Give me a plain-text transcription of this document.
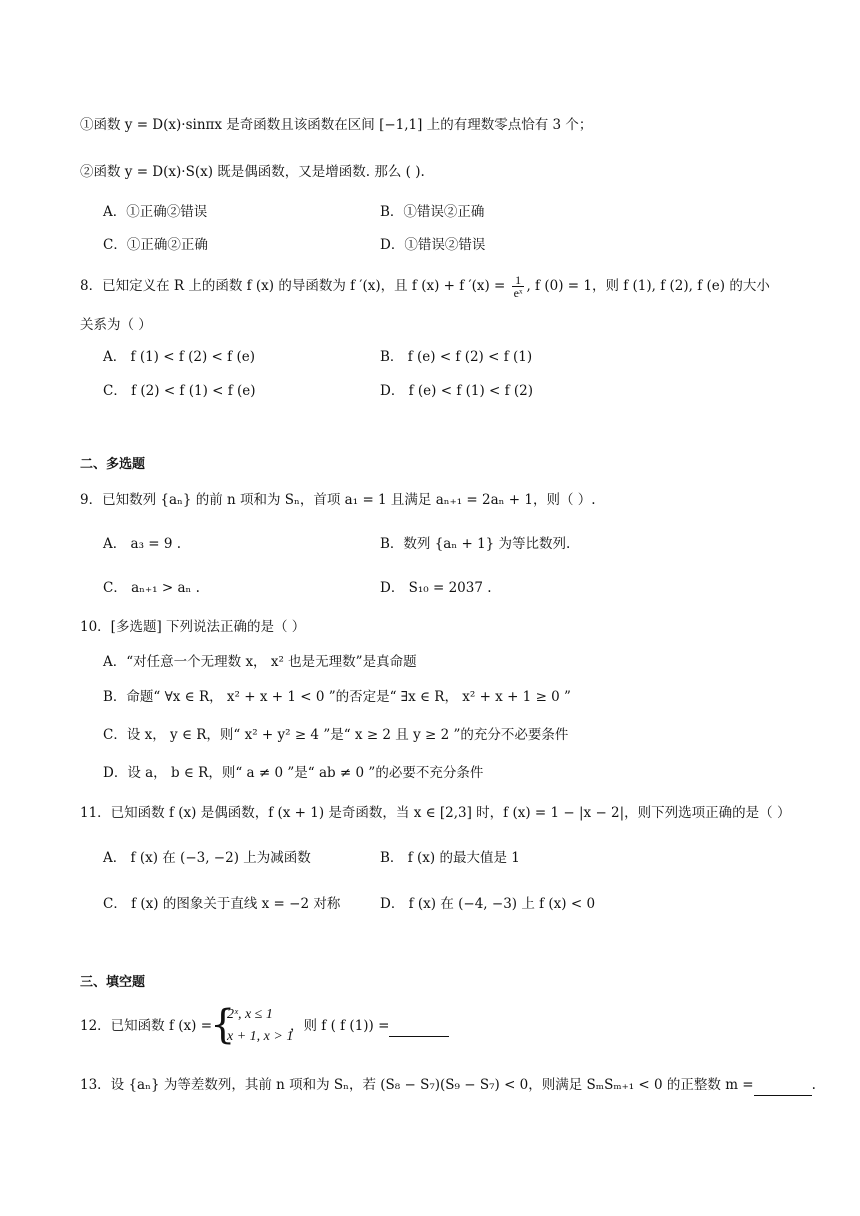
①函数 y = D(x)·sinπx 是奇函数且该函数在区间 [−1,1] 上的有理数零点恰有 3 个；
②函数 y = D(x)·S(x) 既是偶函数，又是增函数. 那么 ( ).
A．①正确②错误	B．①错误②正确
C．①正确②正确	D．①错误②错误
8．已知定义在 R 上的函数 f (x) 的导函数为 f ′(x)，且 f (x) + f $'(x) = \frac{1}{\text{eˣ}}$ , f (0) = 1，则 f (1), f (2), f (e) 的大小
关系为（ ）
A． f (1) < f (2) < f (e)	B． f (e) < f (2) < f (1)
C． f (2) < f (1) < f (e)	D． f (e) < f (1) < f (2)
二、多选题
9．已知数列 {aₙ} 的前 n 项和为 Sₙ，首项 a₁ = 1 且满足 aₙ₊₁ = 2aₙ + 1，则（ ）.
A． a₃ = 9 .	B．数列 {aₙ + 1} 为等比数列.
C． aₙ₊₁ > aₙ .	D． S₁₀ = 2037 .
10．[多选题] 下列说法正确的是（ ）
A．“对任意一个无理数 x， x² 也是无理数”是真命题
B．命题“ ∀x ∈ R， x² + x + 1 < 0 ”的否定是“ ∃x ∈ R， x² + x + 1 ≥ 0 ”
C．设 x， y ∈ R，则“ x² + y² ≥ 4 ”是“ x ≥ 2 且 y ≥ 2 ”的充分不必要条件
D．设 a， b ∈ R，则“ a ≠ 0 ”是“ ab ≠ 0 ”的必要不充分条件
11．已知函数 f (x) 是偶函数，f (x + 1) 是奇函数，当 x ∈ [2,3] 时，f (x) = 1 − |x − 2|，则下列选项正确的是（ ）
A． f (x) 在 (−3, −2) 上为减函数	B． f (x) 的最大值是 1
C． f (x) 的图象关于直线 x = −2 对称	D． f (x) 在 (−4, −3) 上 f (x) < 0
三、填空题
12．已知函数 f (x) =
{
2ˣ, x ≤ 1
x + 1, x > 1
，则 f ( f (1)) =
13．设 {aₙ} 为等差数列，其前 n 项和为 Sₙ，若 (S₈ − S₇)(S₉ − S₇) < 0，则满足 SₘSₘ₊₁ < 0 的正整数 m =	.
